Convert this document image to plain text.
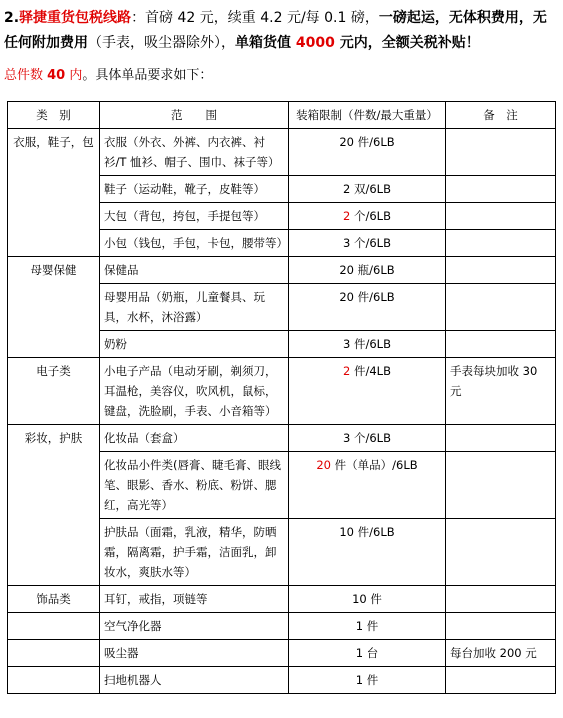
2.驿捷重货包税线路：首磅 42 元，续重 4.2 元/每 0.1 磅，一磅起运，无体积费用，无任何附加费用（手表，吸尘器除外），单箱货值 4000 元内，全额关税补贴！
总件数 40 内。具体单品要求如下：
类　别	范　　围	装箱限制（件数/最大重量）	备　注
衣服，鞋子，包	衣服（外衣、外裤、内衣裤、衬衫/T 恤衫、帽子、围巾、袜子等）	20 件/6LB	
	鞋子（运动鞋，靴子，皮鞋等）	2 双/6LB	
	大包（背包，挎包，手提包等）	2 个/6LB	
	小包（钱包，手包，卡包，腰带等）	3 个/6LB	
母婴保健	保健品	20 瓶/6LB	
	母婴用品（奶瓶，儿童餐具、玩具，水杯，沐浴露）	20 件/6LB	
	奶粉	3 件/6LB	
电子类	小电子产品（电动牙刷，剃须刀，耳温枪，美容仪，吹风机，鼠标，键盘，洗脸刷，手表、小音箱等）	2 件/4LB	手表每块加收 30 元
彩妆，护肤	化妆品（套盒）	3 个/6LB	
	化妆品小件类(唇膏、睫毛膏、眼线笔、眼影、香水、粉底、粉饼、腮红，高光等）	20 件（单品）/6LB	
	护肤品（面霜，乳液，精华，防晒霜，隔离霜，护手霜，洁面乳，卸妆水，爽肤水等）	10 件/6LB	
饰品类	耳钉，戒指，项链等	10 件	
	空气净化器	1 件	
	吸尘器	1 台	每台加收 200 元
	扫地机器人	1 件	
